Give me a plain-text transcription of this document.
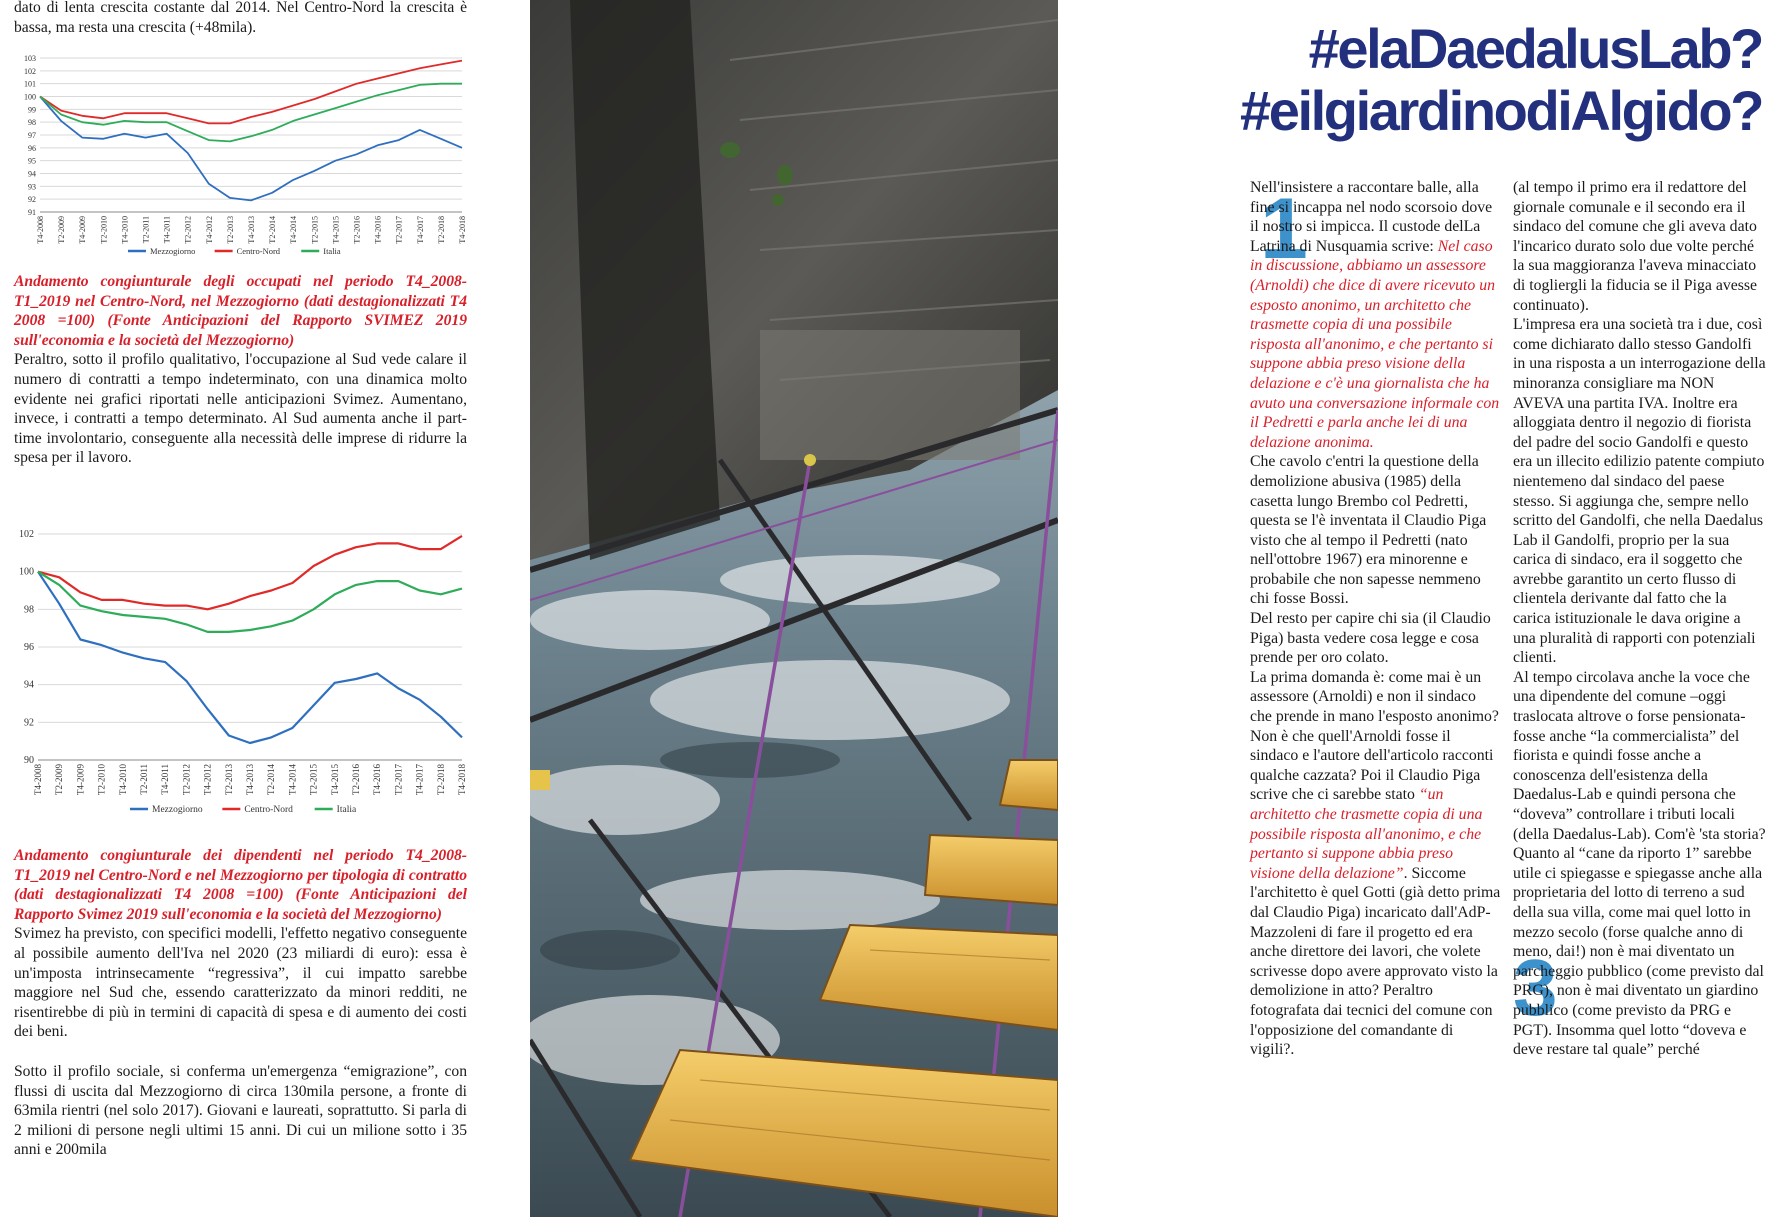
dato di lenta crescita costante dal 2014. Nel Centro-Nord la crescita è bassa, ma resta una crescita (+48mila).

91
92
93
94
95
96
97
98
99
100
101
102
103
T4-2008 T2-2009 T4-2009 T2-2010 T4-2010 T2-2011 T4-2011 T2-2012 T4-2012 T2-2013 T4-2013 T2-2014 T4-2014 T2-2015 T4-2015 T2-2016 T4-2016 T2-2017 T4-2017 T2-2018 T4-2018
Mezzogiorno	Centro-Nord	Italia

Andamento congiunturale degli occupati nel periodo T4_2008-T1_2019 nel Centro-Nord, nel Mezzogiorno (dati destagionalizzati T4 2008 =100) (Fonte Anticipazioni del Rapporto SVIMEZ 2019 sull'economia e la società del Mezzogiorno)

Peraltro, sotto il profilo qualitativo, l'occupazione al Sud vede calare il numero di contratti a tempo indeterminato, con una dinamica molto evidente nei grafici riportati nelle anticipazioni Svimez. Aumentano, invece, i contratti a tempo determinato. Al Sud aumenta anche il part-time involontario, conseguente alla necessità delle imprese di ridurre la spesa per il lavoro.

90
92
94
96
98
100
102
T4-2008 T2-2009 T4-2009 T2-2010 T4-2010 T2-2011 T4-2011 T2-2012 T4-2012 T2-2013 T4-2013 T2-2014 T4-2014 T2-2015 T4-2015 T2-2016 T4-2016 T2-2017 T4-2017 T2-2018 T4-2018
Mezzogiorno	Centro-Nord	Italia

Andamento congiunturale dei dipendenti nel periodo T4_2008-T1_2019 nel Centro-Nord e nel Mezzogiorno per tipologia di contratto (dati destagionalizzati T4 2008 =100) (Fonte Anticipazioni del Rapporto Svimez 2019 sull'economia e la società del Mezzogiorno)

Svimez ha previsto, con specifici modelli, l'effetto negativo conseguente al possibile aumento dell'Iva nel 2020 (23 miliardi di euro): essa è un'imposta intrinsecamente “regressiva”, il cui impatto sarebbe maggiore nel Sud che, essendo caratterizzato da minori redditi, ne risentirebbe di più in termini di capacità di spesa e di aumento dei costi dei beni.

Sotto il profilo sociale, si conferma un'emergenza “emigrazione”, con flussi di uscita dal Mezzogiorno di circa 130mila persone, a fronte di 63mila rientri (nel solo 2017). Giovani e laureati, soprattutto. Si parla di 2 milioni di persone negli ultimi 15 anni. Di cui un milione sotto i 35 anni e 200mila

#elaDaedalusLab?
#eilgiardinodiAlgido?
1

Nell'insistere a raccontare balle, alla fine si incappa nel nodo scorsoio dove il nostro si impicca. Il custode delLa Latrina di Nusquamia scrive: Nel caso in discussione, abbiamo un assessore (Arnoldi) che dice di avere ricevuto un esposto anonimo, un architetto che trasmette copia di una possibile risposta all'anonimo, e che pertanto si suppone abbia preso visione della delazione e c'è una giornalista che ha avuto una conversazione informale con il Pedretti e parla anche lei di una delazione anonima.

Che cavolo c'entri la questione della demolizione abusiva (1985) della casetta lungo Brembo col Pedretti, questa se l'è inventata il Claudio Piga visto che al tempo il Pedretti (nato nell'ottobre 1967) era minorenne e probabile che non sapesse nemmeno chi fosse Bossi.

Del resto per capire chi sia (il Claudio Piga) basta vedere cosa legge e cosa prende per oro colato.

La prima domanda è: come mai è un assessore (Arnoldi) e non il sindaco che prende in mano l'esposto anonimo? Non è che quell'Arnoldi fosse il sindaco e l'autore dell'articolo racconti qualche cazzata? Poi il Claudio Piga scrive che ci sarebbe stato “un architetto che trasmette copia di una possibile risposta all'anonimo, e che pertanto si suppone abbia preso visione della delazione”. Siccome l'architetto è quel Gotti (già detto prima dal Claudio Piga) incaricato dall'AdP-Mazzoleni di fare il progetto ed era anche direttore dei lavori, che volete scrivesse dopo avere approvato visto la demolizione in atto? Peraltro fotografata dai tecnici del comune con l'opposizione del comandante di vigili?.

(al tempo il primo era il redattore del giornale comunale e il secondo era il sindaco del comune che gli aveva dato l'incarico durato solo due volte perché la sua maggioranza l'aveva minacciato di togliergli la fiducia se il Piga avesse continuato).

L'impresa era una società tra i due, così come dichiarato dallo stesso Gandolfi in una risposta a un interrogazione della minoranza consigliare ma NON AVEVA una partita IVA. Inoltre era alloggiata dentro il negozio di fiorista del padre del socio Gandolfi e questo era un illecito edilizio patente compiuto nientemeno dal sindaco del paese stesso. Si aggiunga che, sempre nello scritto del Gandolfi, che nella Daedalus Lab il Gandolfi, proprio per la sua carica di sindaco, era il soggetto che avrebbe garantito un certo flusso di clientela derivante dal fatto che la carica istituzionale le dava origine a una pluralità di rapporti con potenziali clienti.

Al tempo circolava anche la voce che una dipendente del comune –oggi traslocata altrove o forse pensionata- fosse anche “la commercialista” del fiorista e quindi fosse anche a conoscenza dell'esistenza della Daedalus-Lab e quindi persona che “doveva” controllare i tributi locali (della Daedalus-Lab). Com'è 'sta storia?

3

Quanto al “cane da riporto 1” sarebbe utile ci spiegasse e spiegasse anche alla proprietaria del lotto di terreno a sud della sua villa, come mai quel lotto in mezzo secolo (forse qualche anno di meno, dai!) non è mai diventato un parcheggio pubblico (come previsto dal PRG), non è mai diventato un giardino pubblico (come previsto da PRG e PGT). Insomma quel lotto “doveva e deve restare tal quale” perché
